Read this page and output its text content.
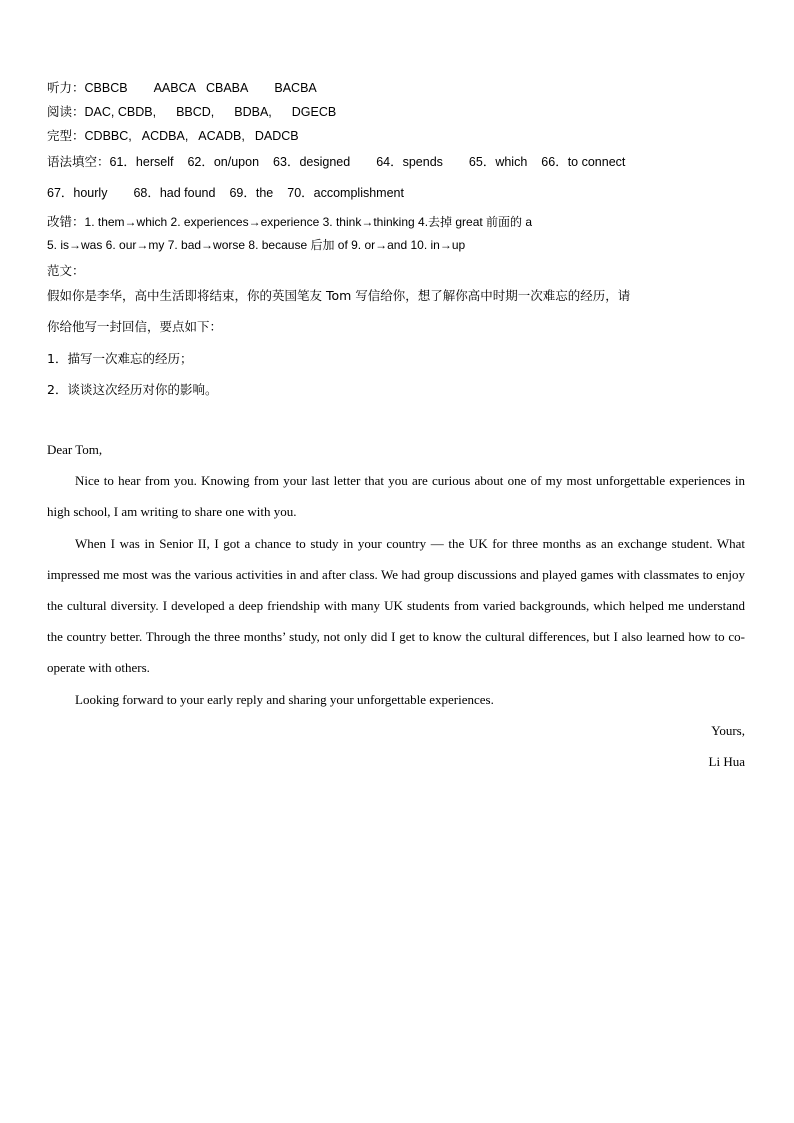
听力：CBBCB AABCA CBABA BACBA
阅读：DAC, CBDB, BBCD, BDBA, DGECB
完型：CDBBC, ACDBA, ACADB, DADCB
语法填空：61．herself 62．on/upon 63．designed 64．spends 65．which 66．to connect
67．hourly 68．had found 69．the 70．accomplishment
改错：1. them→which 2. experiences→experience 3. think→thinking 4.去掉 great 前面的 a
5. is→was 6. our→my 7. bad→worse 8. because 后加 of 9. or→and 10. in→up
范文：
假如你是李华，高中生活即将结束，你的英国笔友 Tom 写信给你，想了解你高中时期一次难忘的经历，请
你给他写一封回信，要点如下：
1．描写一次难忘的经历；
2．谈谈这次经历对你的影响。
Dear Tom,
Nice to hear from you. Knowing from your last letter that you are curious about one of my most unforgettable experiences in high school, I am writing to share one with you.
When I was in Senior II, I got a chance to study in your country — the UK for three months as an exchange student. What impressed me most was the various activities in and after class. We had group discussions and played games with classmates to enjoy the cultural diversity. I developed a deep friendship with many UK students from varied backgrounds, which helped me understand the country better. Through the three months’ study, not only did I get to know the cultural differences, but I also learned how to co-operate with others.
Looking forward to your early reply and sharing your unforgettable experiences.
Yours,
Li Hua
